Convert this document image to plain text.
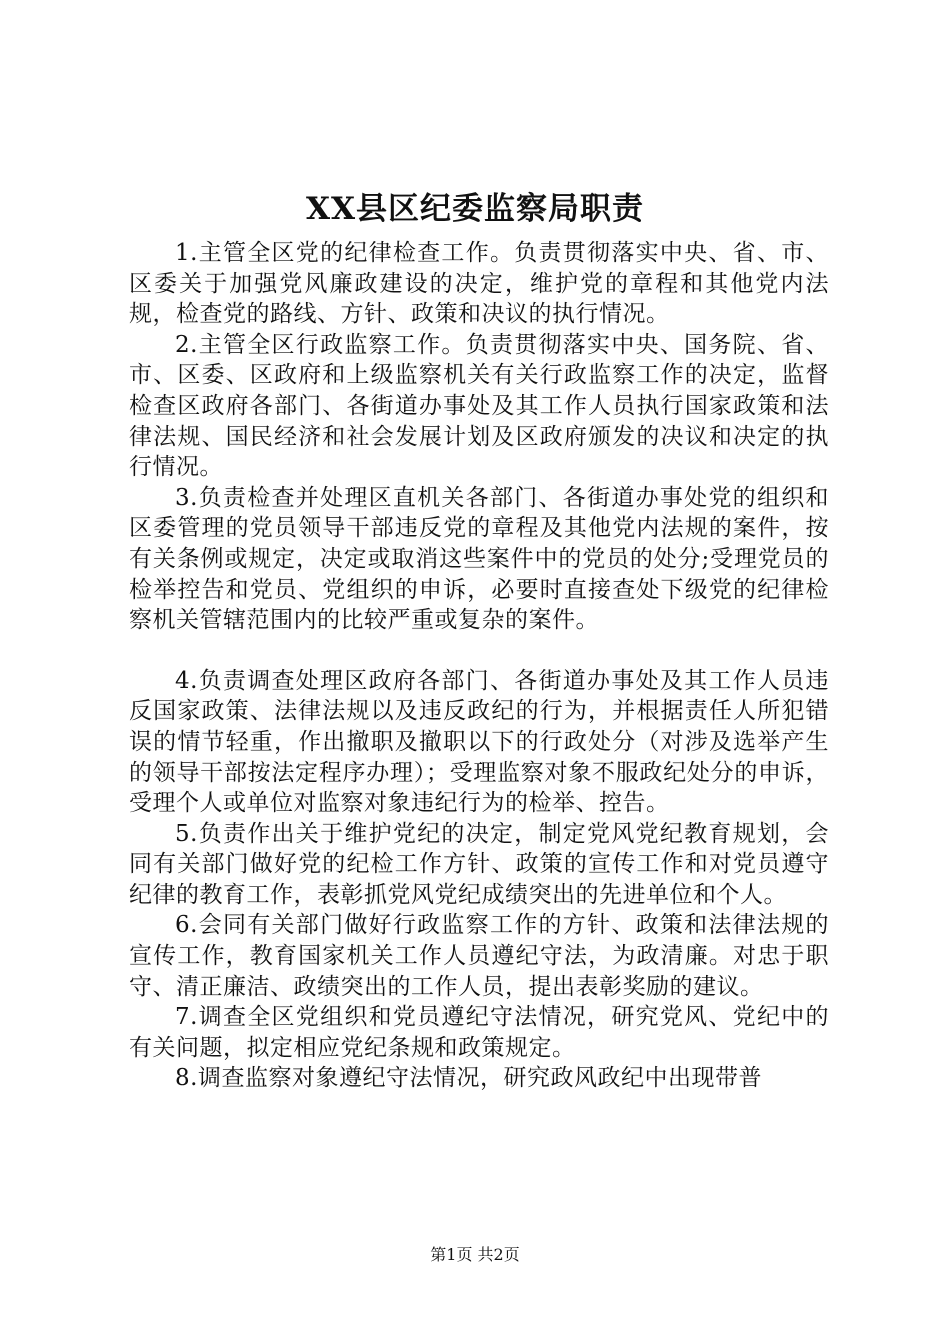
XX县区纪委监察局职责

1.主管全区党的纪律检查工作。负责贯彻落实中央、省、市、区委关于加强党风廉政建设的决定，维护党的章程和其他党内法规，检查党的路线、方针、政策和决议的执行情况。

2.主管全区行政监察工作。负责贯彻落实中央、国务院、省、市、区委、区政府和上级监察机关有关行政监察工作的决定，监督检查区政府各部门、各街道办事处及其工作人员执行国家政策和法律法规、国民经济和社会发展计划及区政府颁发的决议和决定的执行情况。

3.负责检查并处理区直机关各部门、各街道办事处党的组织和区委管理的党员领导干部违反党的章程及其他党内法规的案件，按有关条例或规定，决定或取消这些案件中的党员的处分;受理党员的检举控告和党员、党组织的申诉，必要时直接查处下级党的纪律检察机关管辖范围内的比较严重或复杂的案件。

4.负责调查处理区政府各部门、各街道办事处及其工作人员违反国家政策、法律法规以及违反政纪的行为，并根据责任人所犯错误的情节轻重，作出撤职及撤职以下的行政处分（对涉及选举产生的领导干部按法定程序办理）；受理监察对象不服政纪处分的申诉，受理个人或单位对监察对象违纪行为的检举、控告。

5.负责作出关于维护党纪的决定，制定党风党纪教育规划，会同有关部门做好党的纪检工作方针、政策的宣传工作和对党员遵守纪律的教育工作，表彰抓党风党纪成绩突出的先进单位和个人。

6.会同有关部门做好行政监察工作的方针、政策和法律法规的宣传工作，教育国家机关工作人员遵纪守法，为政清廉。对忠于职守、清正廉洁、政绩突出的工作人员，提出表彰奖励的建议。

7.调查全区党组织和党员遵纪守法情况，研究党风、党纪中的有关问题，拟定相应党纪条规和政策规定。

8.调查监察对象遵纪守法情况，研究政风政纪中出现带普

第1页 共2页
